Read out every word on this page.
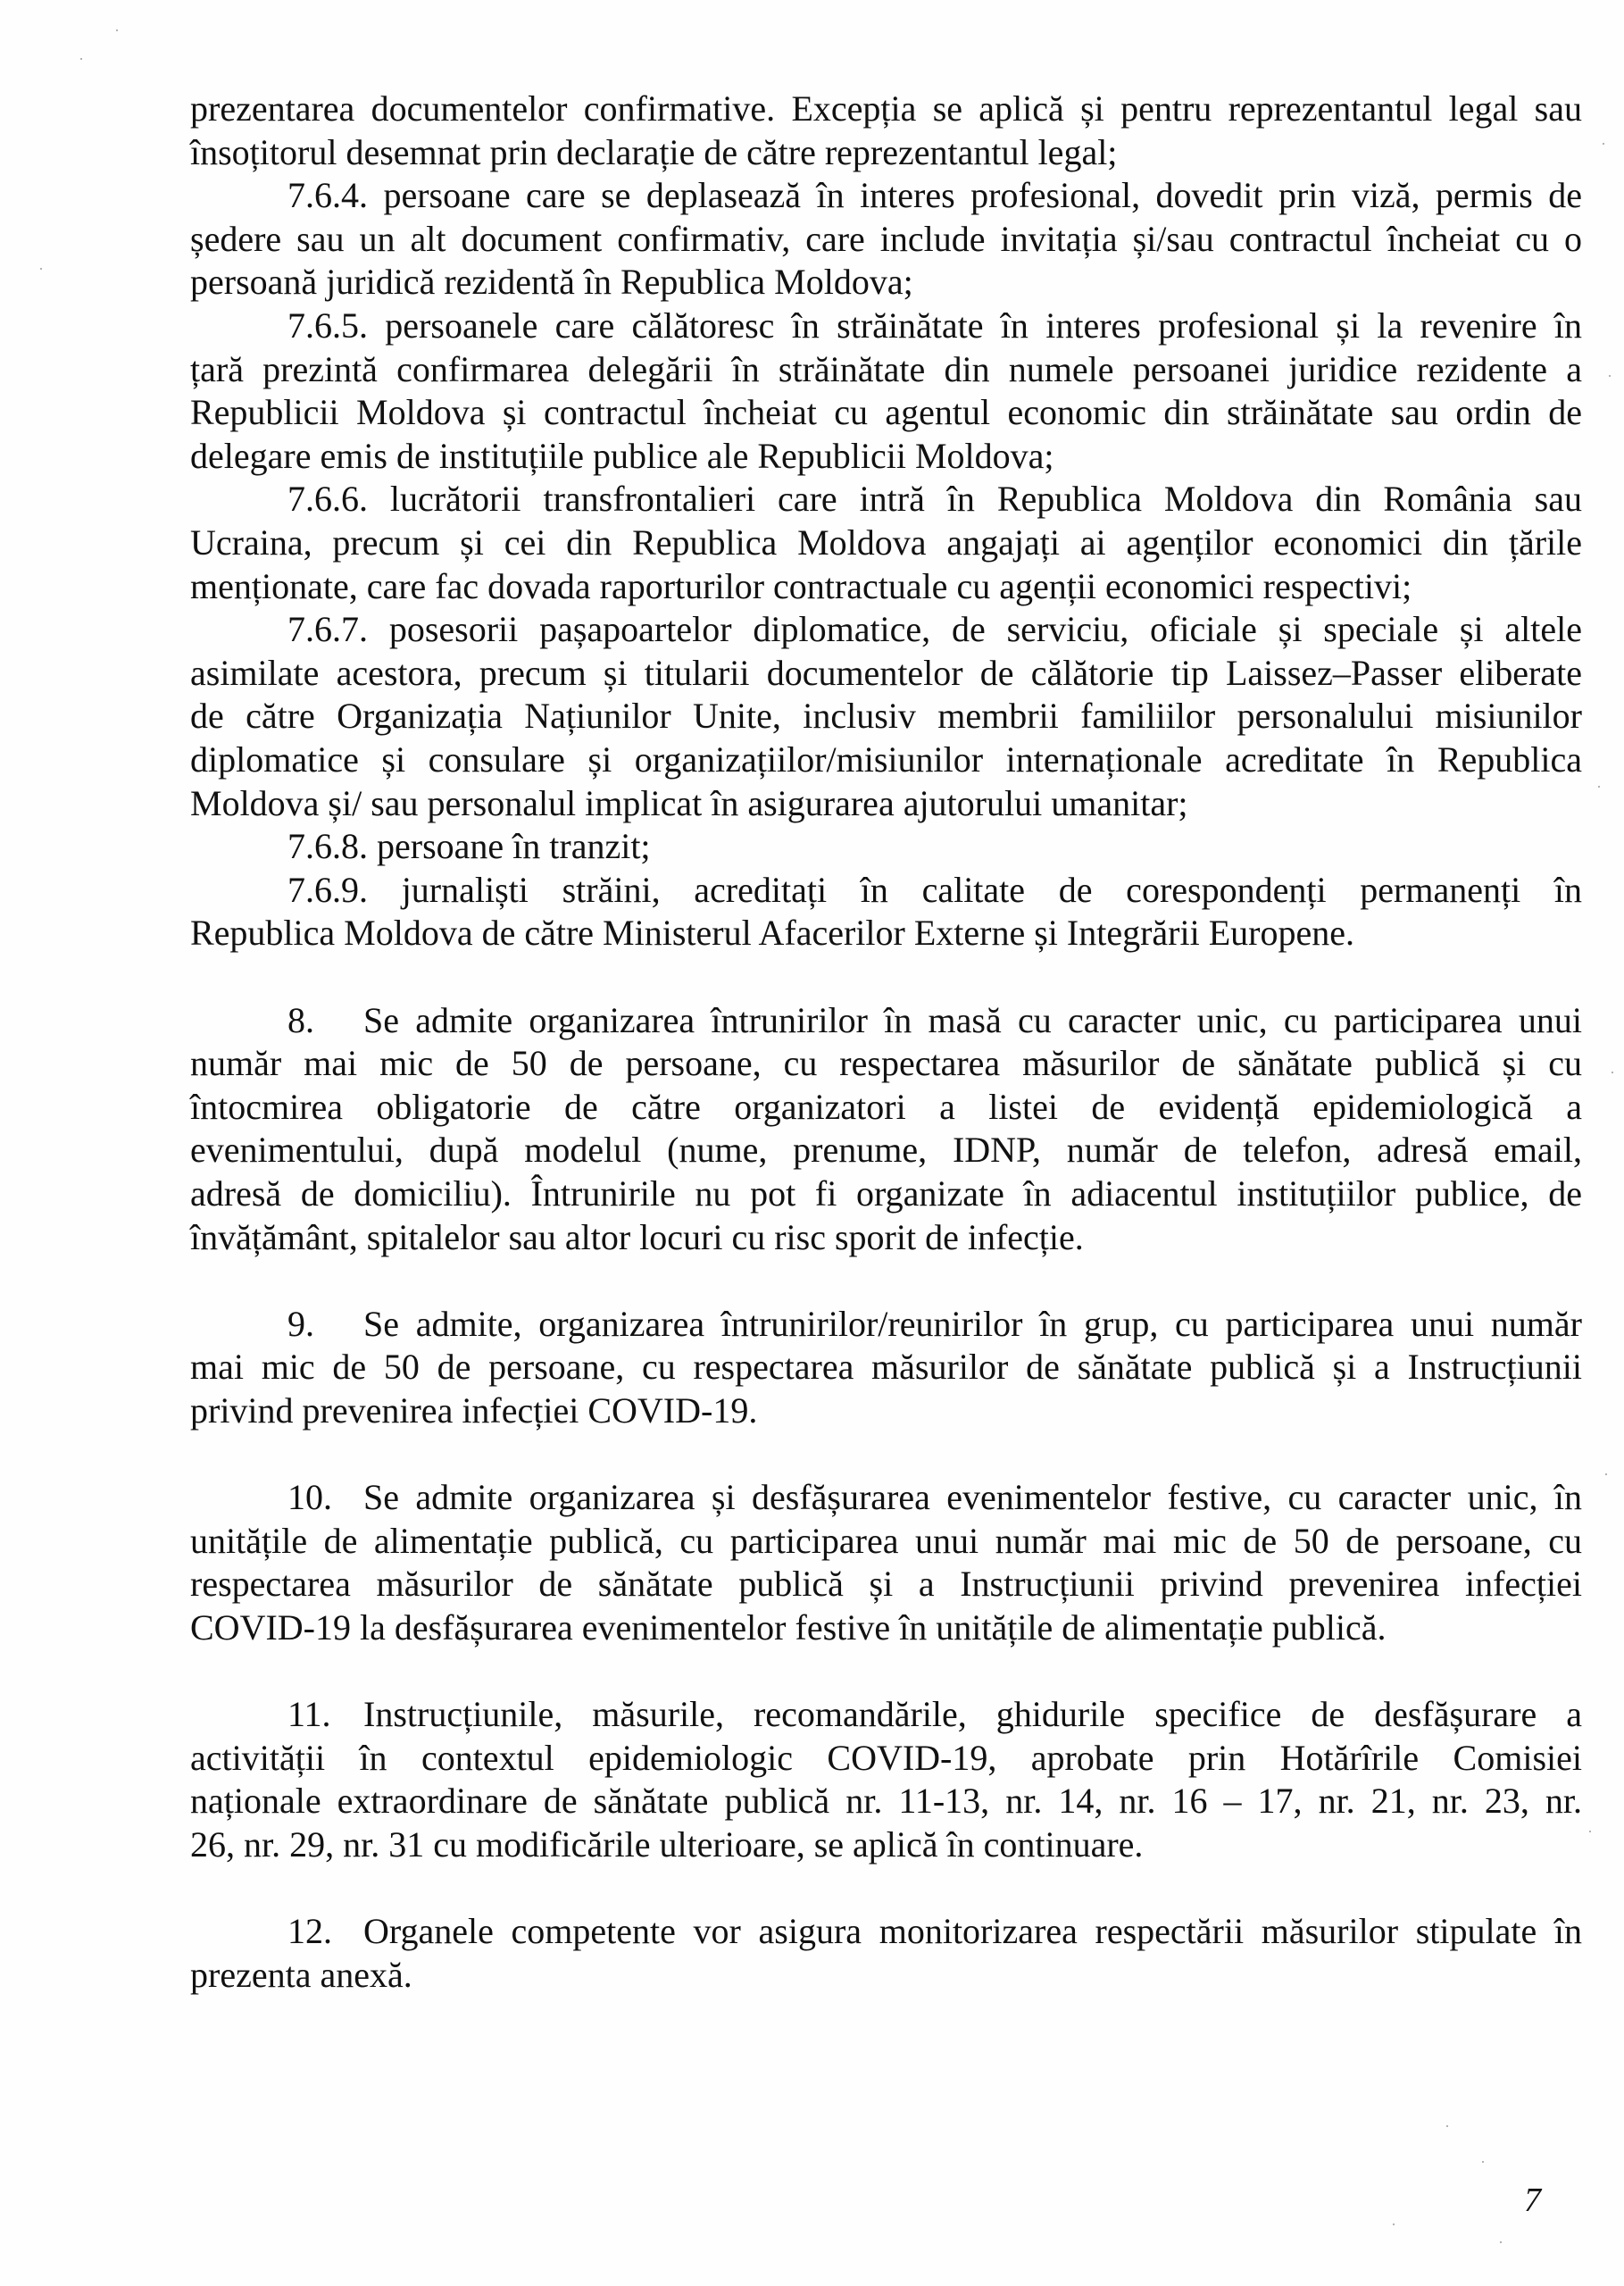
prezentarea documentelor confirmative. Excepția se aplică și pentru reprezentantul legal sau
însoțitorul desemnat prin declarație de către reprezentantul legal;
7.6.4. persoane care se deplasează în interes profesional, dovedit prin viză, permis de
ședere sau un alt document confirmativ, care include invitația și/sau contractul încheiat cu o
persoană juridică rezidentă în Republica Moldova;
7.6.5. persoanele care călătoresc în străinătate în interes profesional și la revenire în
țară prezintă confirmarea delegării în străinătate din numele persoanei juridice rezidente a
Republicii Moldova și contractul încheiat cu agentul economic din străinătate sau ordin de
delegare emis de instituțiile publice ale Republicii Moldova;
7.6.6. lucrătorii transfrontalieri care intră în Republica Moldova din România sau
Ucraina, precum și cei din Republica Moldova angajați ai agenților economici din țările
menționate, care fac dovada raporturilor contractuale cu agenții economici respectivi;
7.6.7. posesorii pașapoartelor diplomatice, de serviciu, oficiale și speciale și altele
asimilate acestora, precum și titularii documentelor de călătorie tip Laissez–Passer eliberate
de către Organizația Națiunilor Unite, inclusiv membrii familiilor personalului misiunilor
diplomatice și consulare și organizațiilor/misiunilor internaționale acreditate în Republica
Moldova și/ sau personalul implicat în asigurarea ajutorului umanitar;
7.6.8. persoane în tranzit;
7.6.9. jurnaliști străini, acreditați în calitate de corespondenți permanenți în
Republica Moldova de către Ministerul Afacerilor Externe și Integrării Europene.
8.	Se admite organizarea întrunirilor în masă cu caracter unic, cu participarea unui
număr mai mic de 50 de persoane, cu respectarea măsurilor de sănătate publică și cu
întocmirea obligatorie de către organizatori a listei de evidență epidemiologică a
evenimentului, după modelul (nume, prenume, IDNP, număr de telefon, adresă email,
adresă de domiciliu). Întrunirile nu pot fi organizate în adiacentul instituțiilor publice, de
învățământ, spitalelor sau altor locuri cu risc sporit de infecție.
9.	Se admite, organizarea întrunirilor/reunirilor în grup, cu participarea unui număr
mai mic de 50 de persoane, cu respectarea măsurilor de sănătate publică și a Instrucțiunii
privind prevenirea infecției COVID-19.
10. Se admite organizarea și desfășurarea evenimentelor festive, cu caracter unic, în
unitățile de alimentație publică, cu participarea unui număr mai mic de 50 de persoane, cu
respectarea măsurilor de sănătate publică și a Instrucțiunii privind prevenirea infecției
COVID-19 la desfășurarea evenimentelor festive în unitățile de alimentație publică.
11. Instrucțiunile, măsurile, recomandările, ghidurile specifice de desfășurare a
activității în contextul epidemiologic COVID-19, aprobate prin Hotărîrile Comisiei
naționale extraordinare de sănătate publică nr. 11-13, nr. 14, nr. 16 – 17, nr. 21, nr. 23, nr.
26, nr. 29, nr. 31 cu modificările ulterioare, se aplică în continuare.
12. Organele competente vor asigura monitorizarea respectării măsurilor stipulate în
prezenta anexă.
7
